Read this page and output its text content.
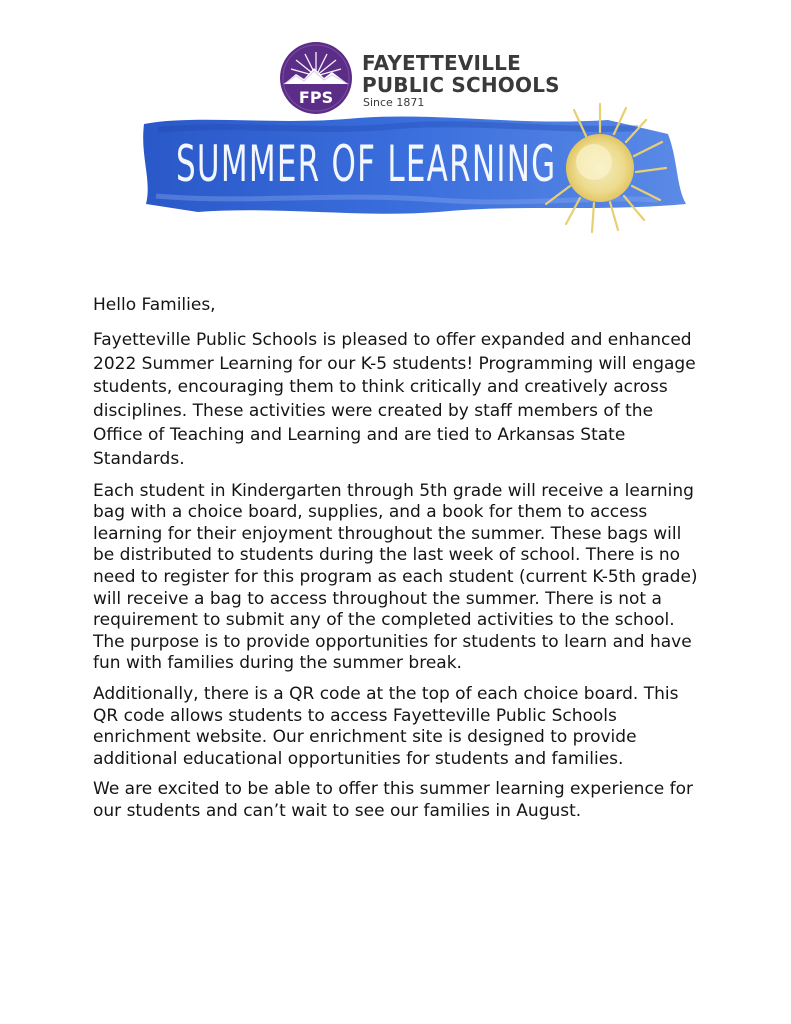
FPS
FAYETTEVILLE
PUBLIC SCHOOLS
Since 1871
SUMMER OF LEARNING

Hello Families,

Fayetteville Public Schools is pleased to offer expanded and enhanced 2022 Summer Learning for our K-5 students! Programming will engage students, encouraging them to think critically and creatively across disciplines. These activities were created by staff members of the Office of Teaching and Learning and are tied to Arkansas State Standards.

Each student in Kindergarten through 5th grade will receive a learning bag with a choice board, supplies, and a book for them to access learning for their enjoyment throughout the summer. These bags will be distributed to students during the last week of school. There is no need to register for this program as each student (current K-5th grade) will receive a bag to access throughout the summer. There is not a requirement to submit any of the completed activities to the school. The purpose is to provide opportunities for students to learn and have fun with families during the summer break.

Additionally, there is a QR code at the top of each choice board. This QR code allows students to access Fayetteville Public Schools enrichment website. Our enrichment site is designed to provide additional educational opportunities for students and families.

We are excited to be able to offer this summer learning experience for our students and can’t wait to see our families in August.
